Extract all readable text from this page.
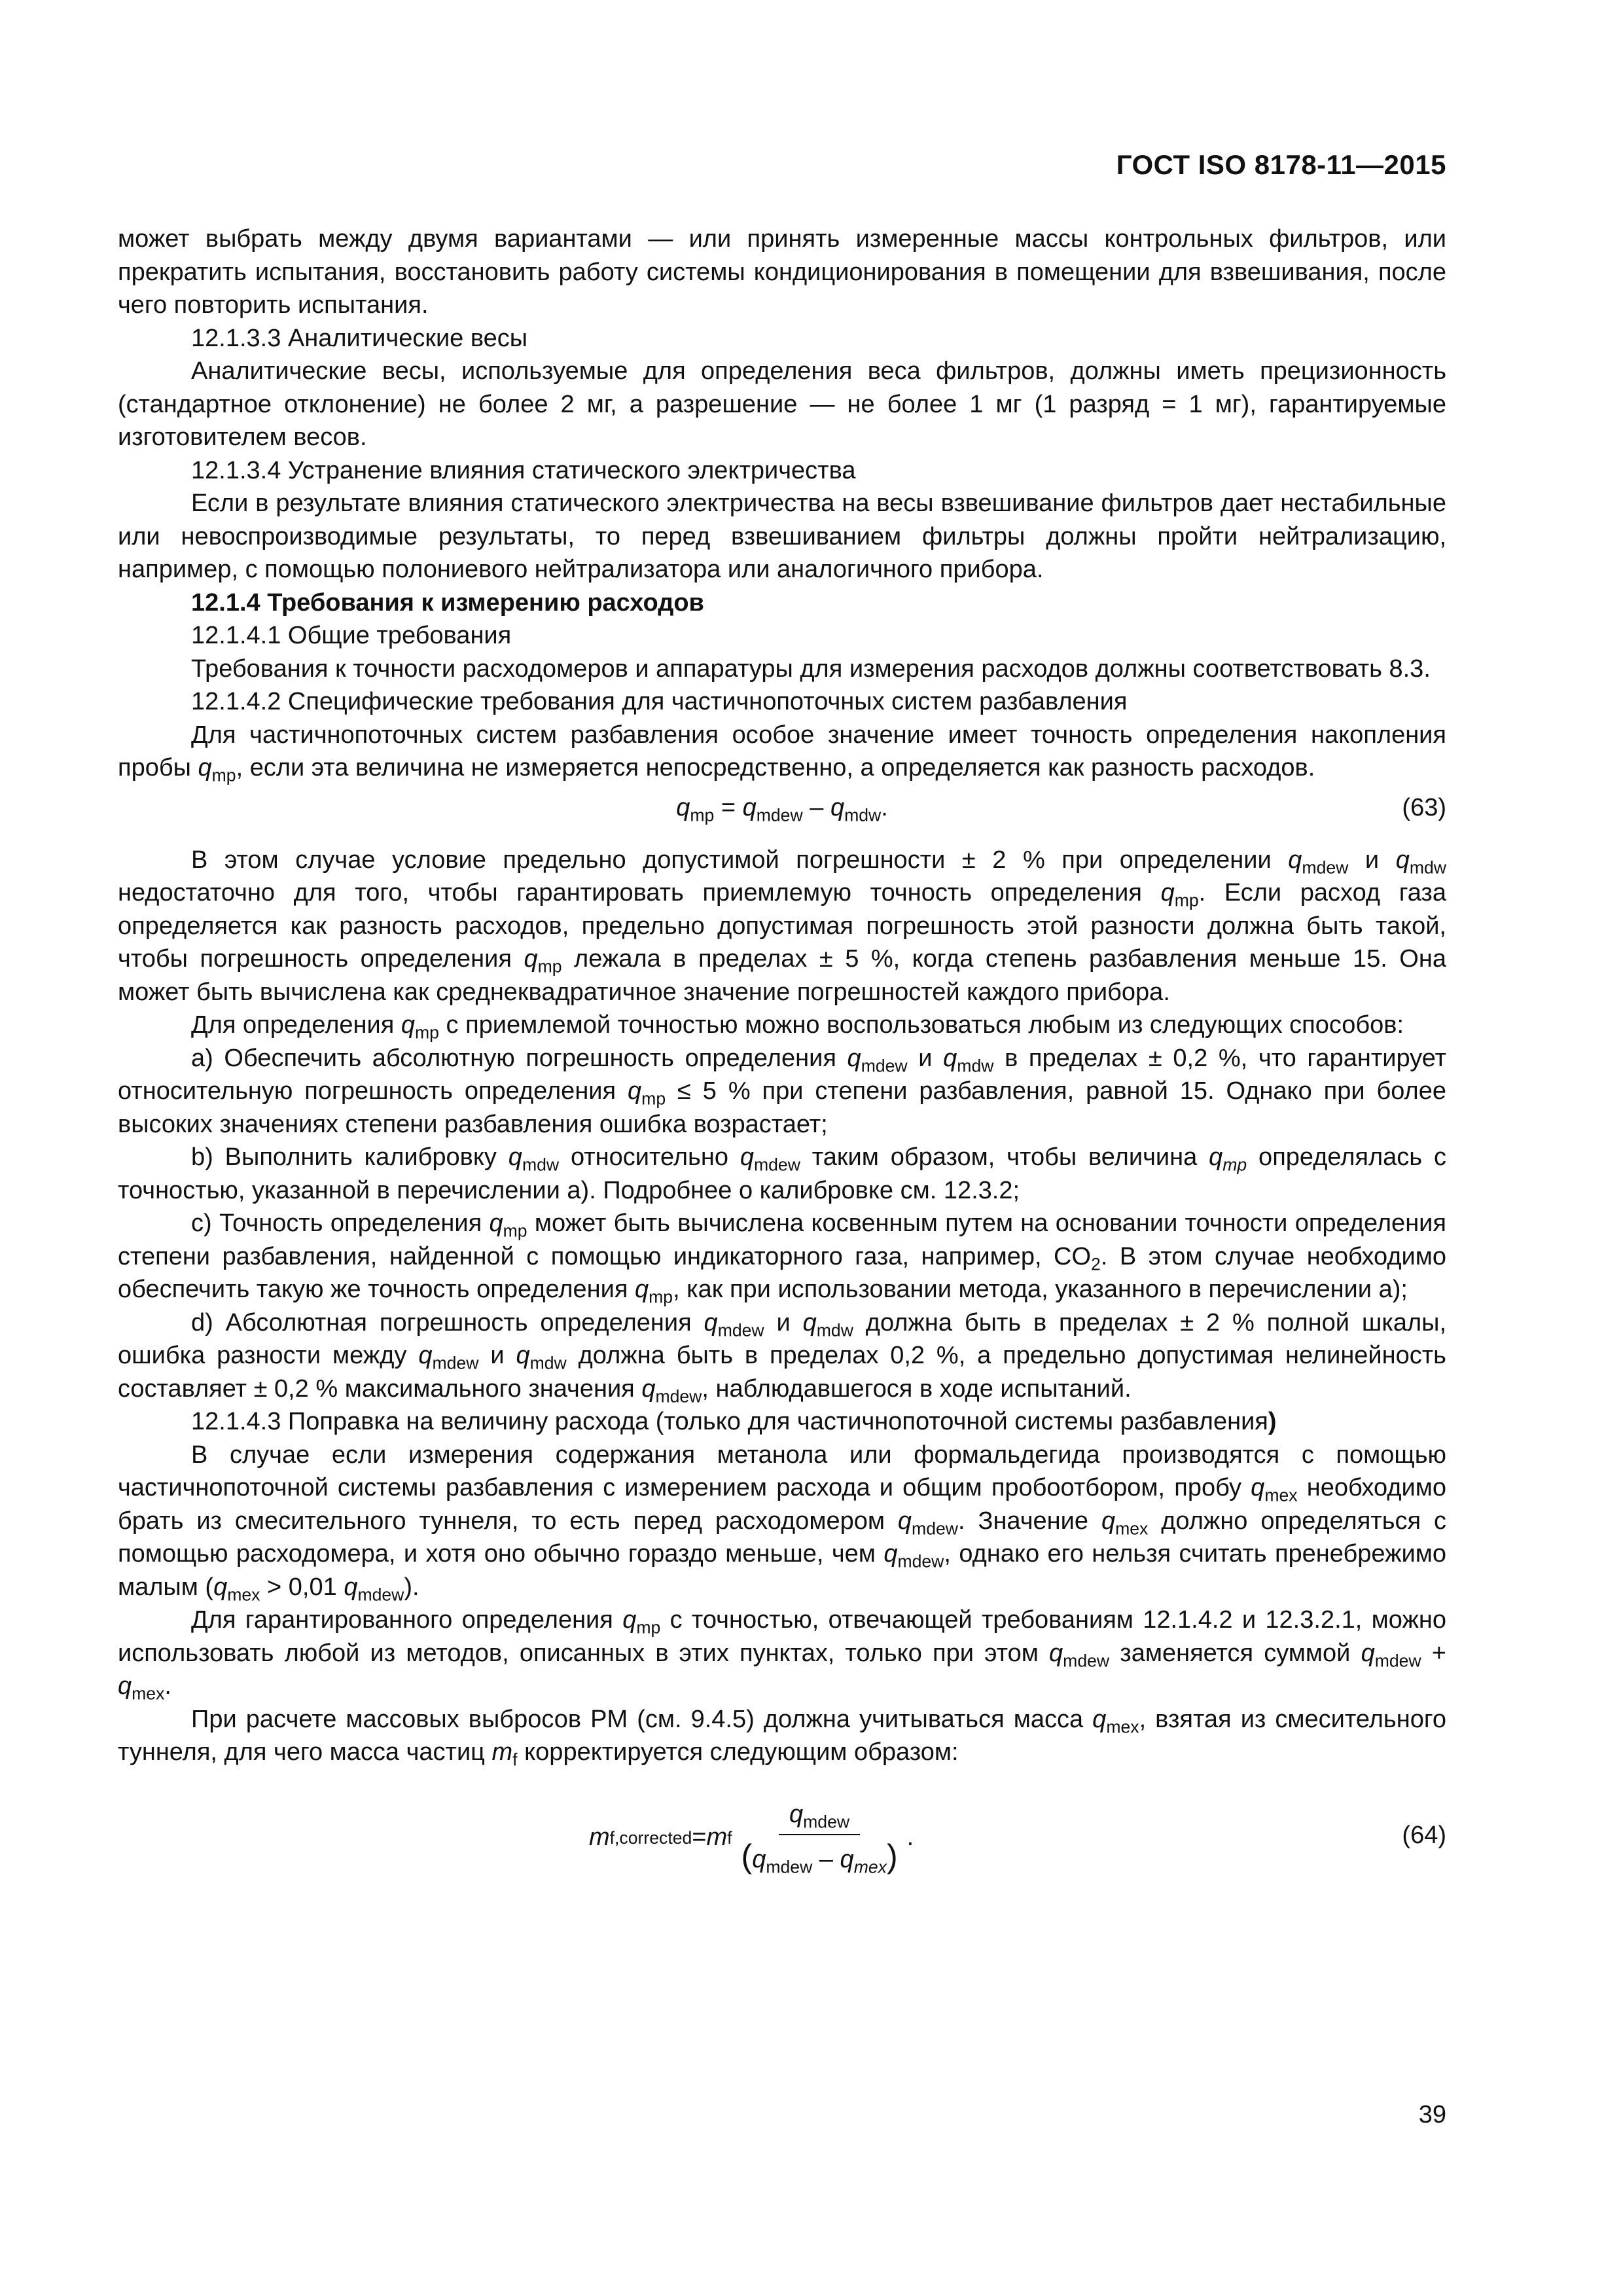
ГОСТ ISO 8178-11—2015

может выбрать между двумя вариантами — или принять измеренные массы контрольных фильтров, или прекратить испытания, восстановить работу системы кондиционирования в помещении для взвешивания, после чего повторить испытания.

12.1.3.3 Аналитические весы

Аналитические весы, используемые для определения веса фильтров, должны иметь прецизионность (стандартное отклонение) не более 2 мг, а разрешение — не более 1 мг (1 разряд = 1 мг), гарантируемые изготовителем весов.

12.1.3.4 Устранение влияния статического электричества

Если в результате влияния статического электричества на весы взвешивание фильтров дает нестабильные или невоспроизводимые результаты, то перед взвешиванием фильтры должны пройти нейтрализацию, например, с помощью полониевого нейтрализатора или аналогичного прибора.

12.1.4 Требования к измерению расходов

12.1.4.1 Общие требования

Требования к точности расходомеров и аппаратуры для измерения расходов должны соответствовать 8.3.

12.1.4.2 Специфические требования для частичнопоточных систем разбавления

Для частичнопоточных систем разбавления особое значение имеет точность определения накопления пробы $q_{mp}$, если эта величина не измеряется непосредственно, а определяется как разность расходов.

$q_{mp} = q_{mdew} - q_{mdw}$.	(63)

В этом случае условие предельно допустимой погрешности ± 2 % при определении $q_{mdew}$ и $q_{mdw}$ недостаточно для того, чтобы гарантировать приемлемую точность определения $q_{mp}$. Если расход газа определяется как разность расходов, предельно допустимая погрешность этой разности должна быть такой, чтобы погрешность определения $q_{mp}$ лежала в пределах ± 5 %, когда степень разбавления меньше 15. Она может быть вычислена как среднеквадратичное значение погрешностей каждого прибора.

Для определения $q_{mp}$ с приемлемой точностью можно воспользоваться любым из следующих способов:

а) Обеспечить абсолютную погрешность определения $q_{mdew}$ и $q_{mdw}$ в пределах ± 0,2 %, что гарантирует относительную погрешность определения $q_{mp} \le 5$ % при степени разбавления, равной 15. Однако при более высоких значениях степени разбавления ошибка возрастает;

b) Выполнить калибровку $q_{mdw}$ относительно $q_{mdew}$ таким образом, чтобы величина $q_{mp}$ определялась с точностью, указанной в перечислении а). Подробнее о калибровке см. 12.3.2;

c) Точность определения $q_{mp}$ может быть вычислена косвенным путем на основании точности определения степени разбавления, найденной с помощью индикаторного газа, например, $CO_2$. В этом случае необходимо обеспечить такую же точность определения $q_{mp}$, как при использовании метода, указанного в перечислении а);

d) Абсолютная погрешность определения $q_{mdew}$ и $q_{mdw}$ должна быть в пределах ± 2 % полной шкалы, ошибка разности между $q_{mdew}$ и $q_{mdw}$ должна быть в пределах 0,2 %, а предельно допустимая нелинейность составляет ± 0,2 % максимального значения $q_{mdew}$, наблюдавшегося в ходе испытаний.

12.1.4.3 Поправка на величину расхода (только для частичнопоточной системы разбавления)

В случае если измерения содержания метанола или формальдегида производятся с помощью частичнопоточной системы разбавления с измерением расхода и общим пробоотбором, пробу $q_{mex}$ необходимо брать из смесительного туннеля, то есть перед расходомером $q_{mdew}$. Значение $q_{mex}$ должно определяться с помощью расходомера, и хотя оно обычно гораздо меньше, чем $q_{mdew}$, однако его нельзя считать пренебрежимо малым ($q_{mex} > 0,01$ $q_{mdew}$).

Для гарантированного определения $q_{mp}$ с точностью, отвечающей требованиям 12.1.4.2 и 12.3.2.1, можно использовать любой из методов, описанных в этих пунктах, только при этом $q_{mdew}$ заменяется суммой $q_{mdew} + q_{mex}$.

При расчете массовых выбросов PM (см. 9.4.5) должна учитываться масса $q_{mex}$, взятая из смесительного туннеля, для чего масса частиц $m_f$ корректируется следующим образом:

m f,corrected = m f $\frac{q_{mdew}}{(q_{mdew} - q_{mex})}$ .	(64)
39
